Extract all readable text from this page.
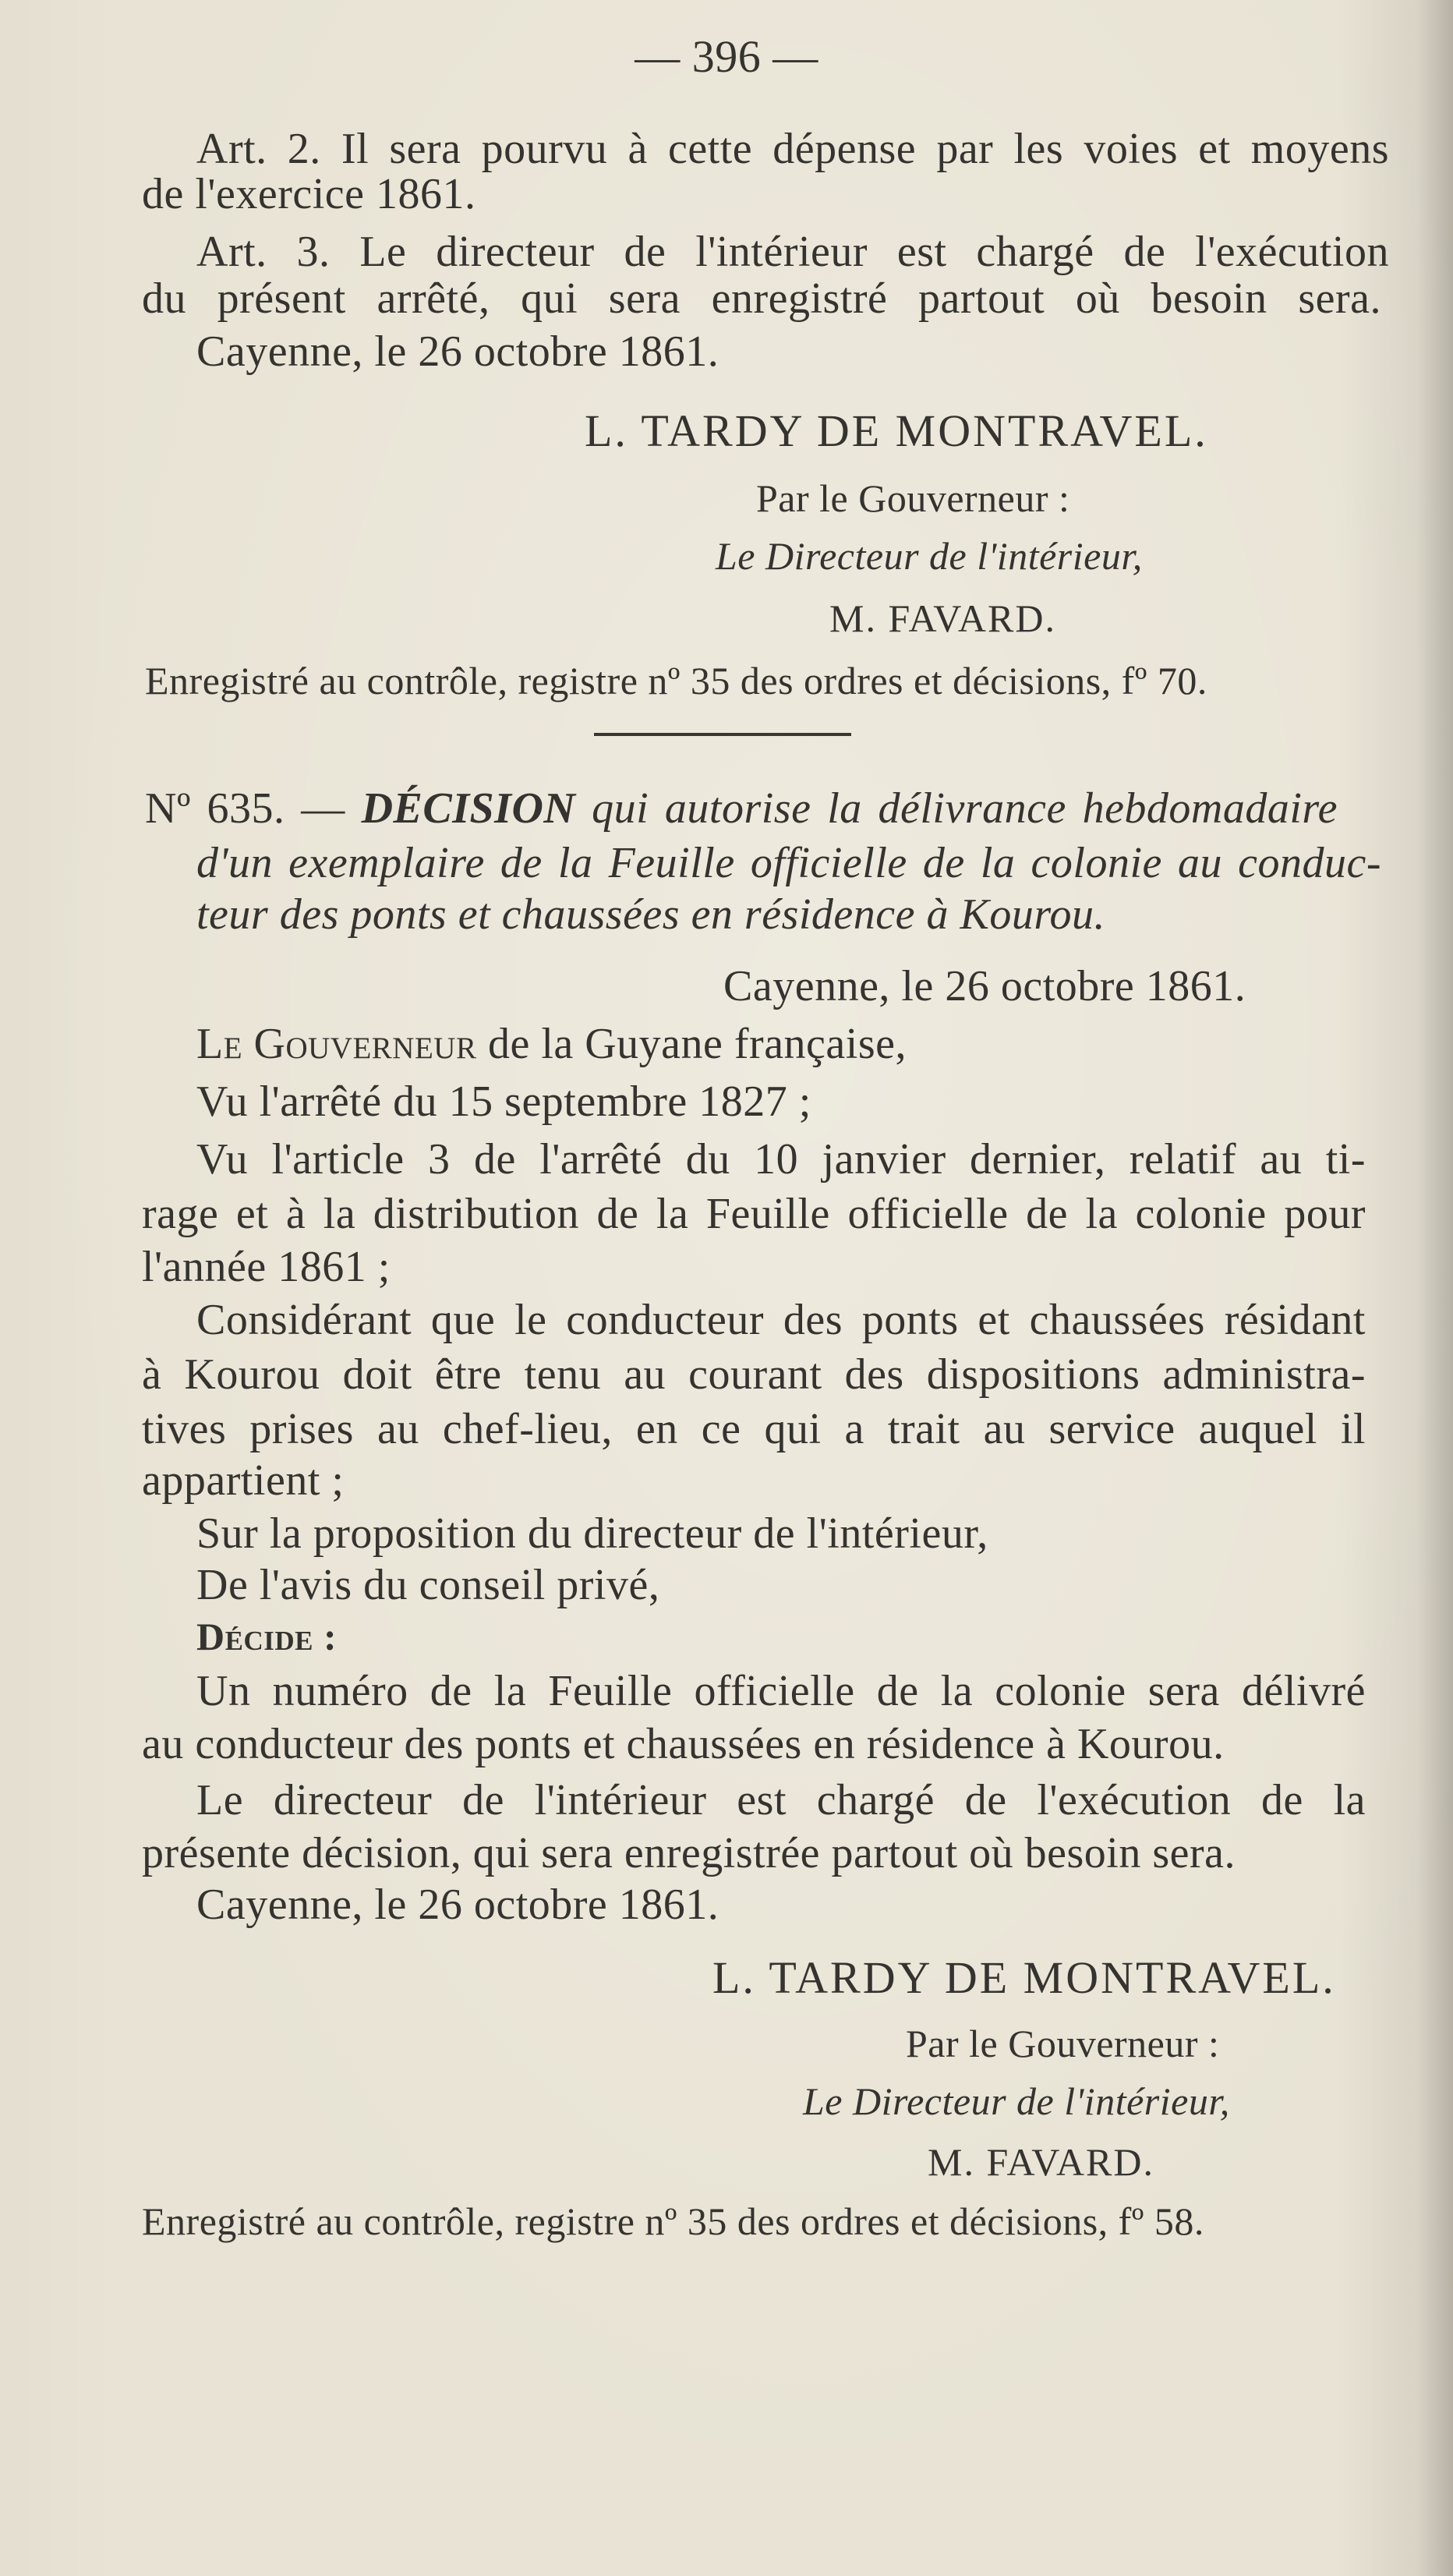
— 396 —
Art. 2. Il sera pourvu à cette dépense par les voies et moyens
de l'exercice 1861.
Art. 3. Le directeur de l'intérieur est chargé de l'exécution
du présent arrêté, qui sera enregistré partout où besoin sera.
Cayenne, le 26 octobre 1861.
L. TARDY DE MONTRAVEL.
Par le Gouverneur :
Le Directeur de l'intérieur,
M. FAVARD.
Enregistré au contrôle, registre nº 35 des ordres et décisions, fº 70.
Nº 635. — DÉCISION qui autorise la délivrance hebdomadaire
d'un exemplaire de la Feuille officielle de la colonie au conduc-
teur des ponts et chaussées en résidence à Kourou.
Cayenne, le 26 octobre 1861.
Le Gouverneur de la Guyane française,
Vu l'arrêté du 15 septembre 1827 ;
Vu l'article 3 de l'arrêté du 10 janvier dernier, relatif au ti-
rage et à la distribution de la Feuille officielle de la colonie pour
l'année 1861 ;
Considérant que le conducteur des ponts et chaussées résidant
à Kourou doit être tenu au courant des dispositions administra-
tives prises au chef-lieu, en ce qui a trait au service auquel il
appartient ;
Sur la proposition du directeur de l'intérieur,
De l'avis du conseil privé,
Décide :
Un numéro de la Feuille officielle de la colonie sera délivré
au conducteur des ponts et chaussées en résidence à Kourou.
Le directeur de l'intérieur est chargé de l'exécution de la
présente décision, qui sera enregistrée partout où besoin sera.
Cayenne, le 26 octobre 1861.
L. TARDY DE MONTRAVEL.
Par le Gouverneur :
Le Directeur de l'intérieur,
M. FAVARD.
Enregistré au contrôle, registre nº 35 des ordres et décisions, fº 58.
